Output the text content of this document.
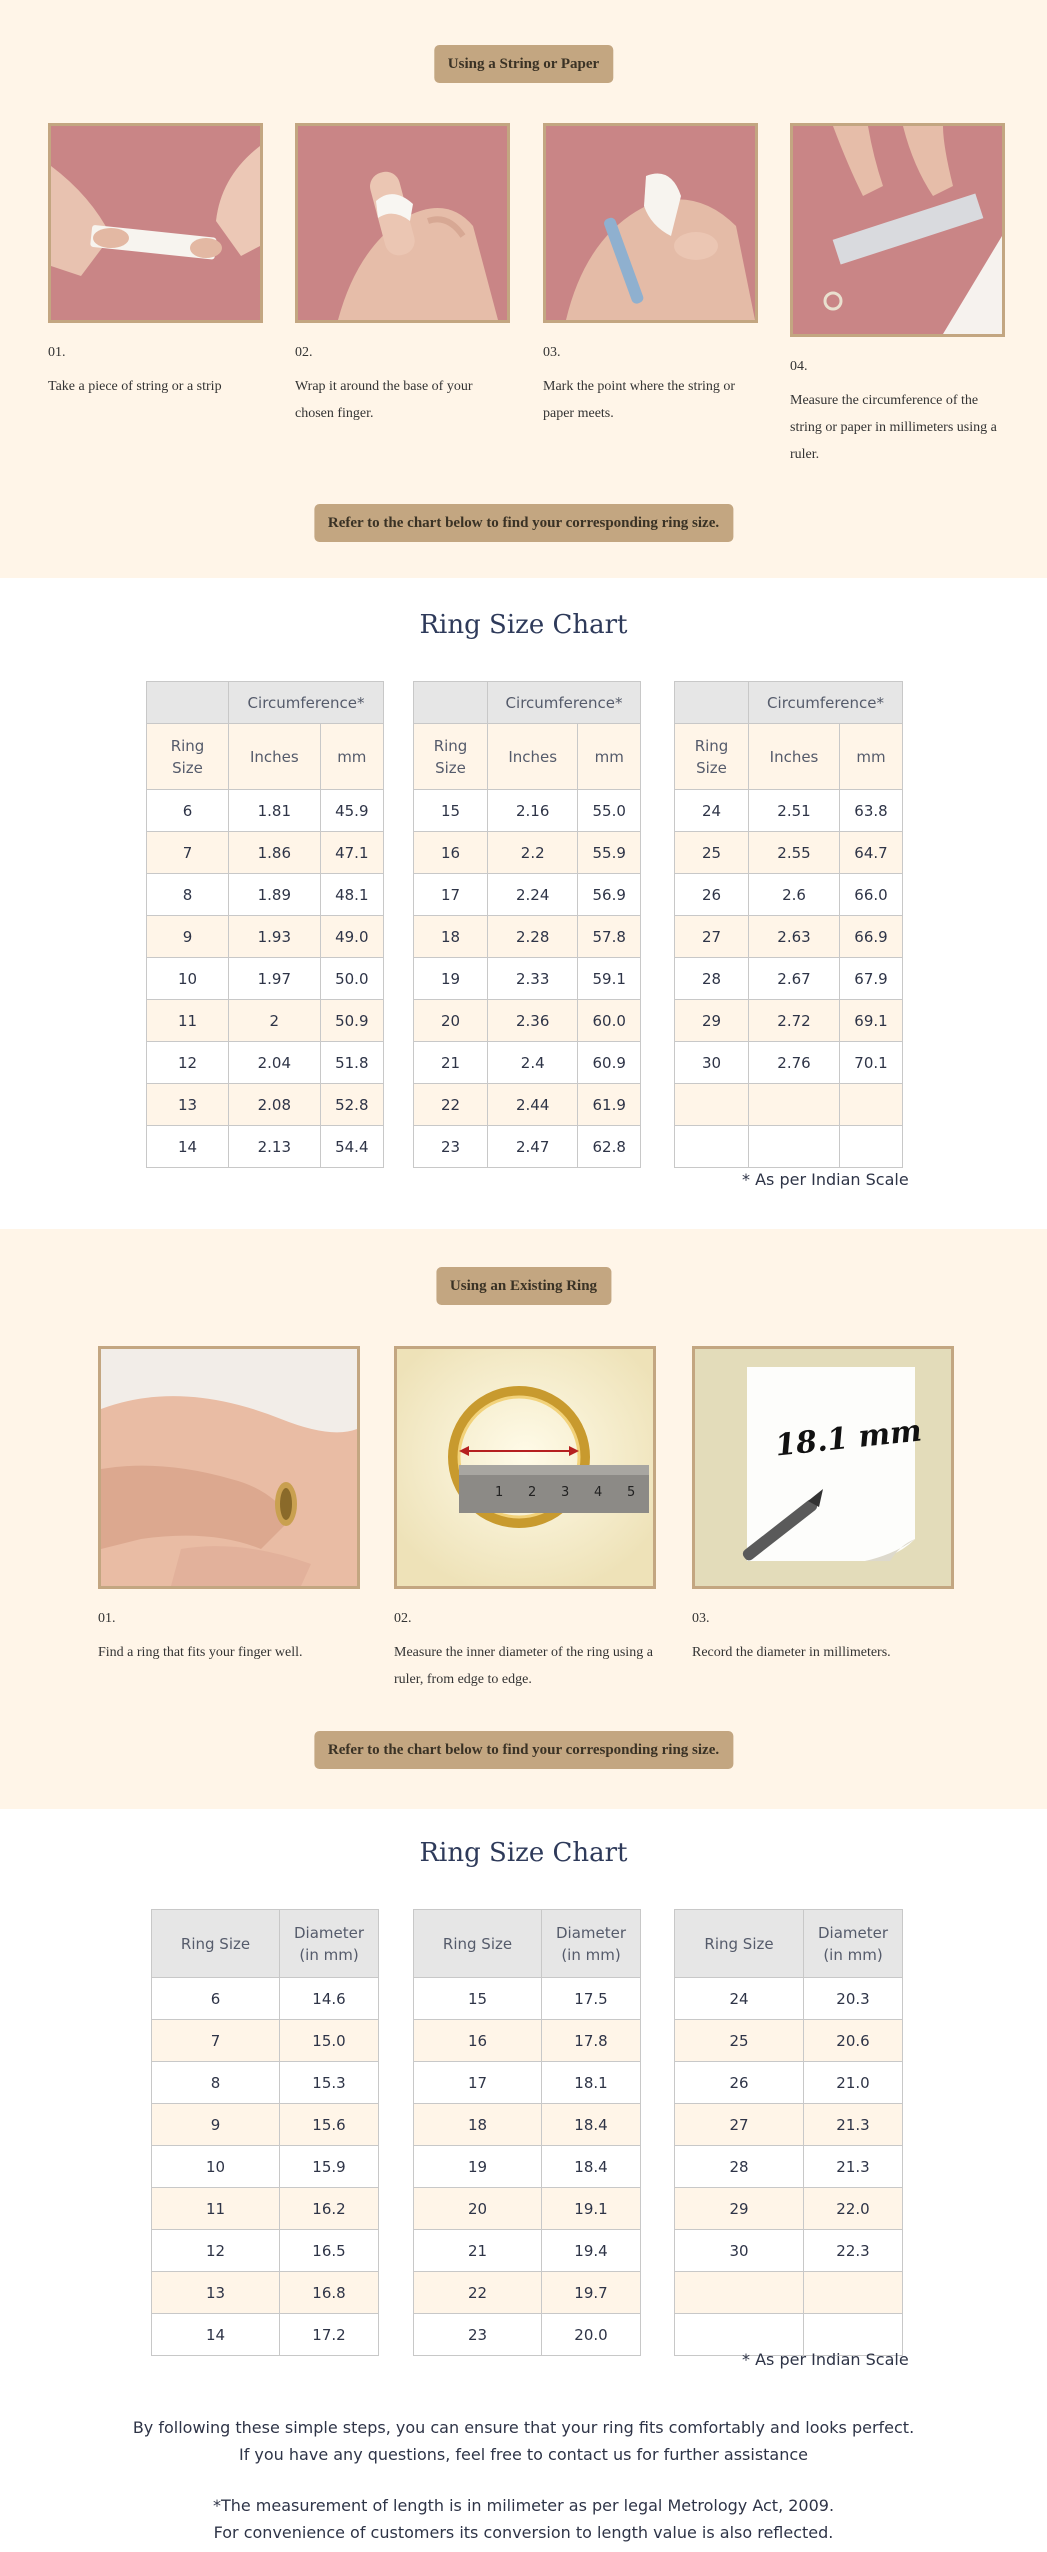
Using a String or Paper
01.
Take a piece of string or a strip
02.
Wrap it around the base of your chosen finger.
03.
Mark the point where the string or paper meets.
04.
Measure the circumference of the string or paper in millimeters using a ruler.
Refer to the chart below to find your corresponding ring size.
Ring Size Chart
	Circumference*	
Ring Size	Inches	mm
6	1.81	45.9
7	1.86	47.1
8	1.89	48.1
9	1.93	49.0
10	1.97	50.0
11	2	50.9
12	2.04	51.8
13	2.08	52.8
14	2.13	54.4
	Circumference*	
Ring Size	Inches	mm
15	2.16	55.0
16	2.2	55.9
17	2.24	56.9
18	2.28	57.8
19	2.33	59.1
20	2.36	60.0
21	2.4	60.9
22	2.44	61.9
23	2.47	62.8
	Circumference*	
Ring Size	Inches	mm
24	2.51	63.8
25	2.55	64.7
26	2.6	66.0
27	2.63	66.9
28	2.67	67.9
29	2.72	69.1
30	2.76	70.1

* As per Indian Scale
Using an Existing Ring
01.
Find a ring that fits your finger well.
1 2 3 4 5
02.
Measure the inner diameter of the ring using a ruler, from edge to edge.
18.1 mm
03.
Record the diameter in millimeters.
Refer to the chart below to find your corresponding ring size.
Ring Size Chart
Ring Size	Diameter
(in mm)
6	14.6
7	15.0
8	15.3
9	15.6
10	15.9
11	16.2
12	16.5
13	16.8
14	17.2
Ring Size	Diameter
(in mm)
15	17.5
16	17.8
17	18.1
18	18.4
19	18.4
20	19.1
21	19.4
22	19.7
23	20.0
Ring Size	Diameter
(in mm)
24	20.3
25	20.6
26	21.0
27	21.3
28	21.3
29	22.0
30	22.3

* As per Indian Scale
By following these simple steps, you can ensure that your ring fits comfortably and looks perfect.
If you have any questions, feel free to contact us for further assistance
*The measurement of length is in milimeter as per legal Metrology Act, 2009.
For convenience of customers its conversion to length value is also reflected.
